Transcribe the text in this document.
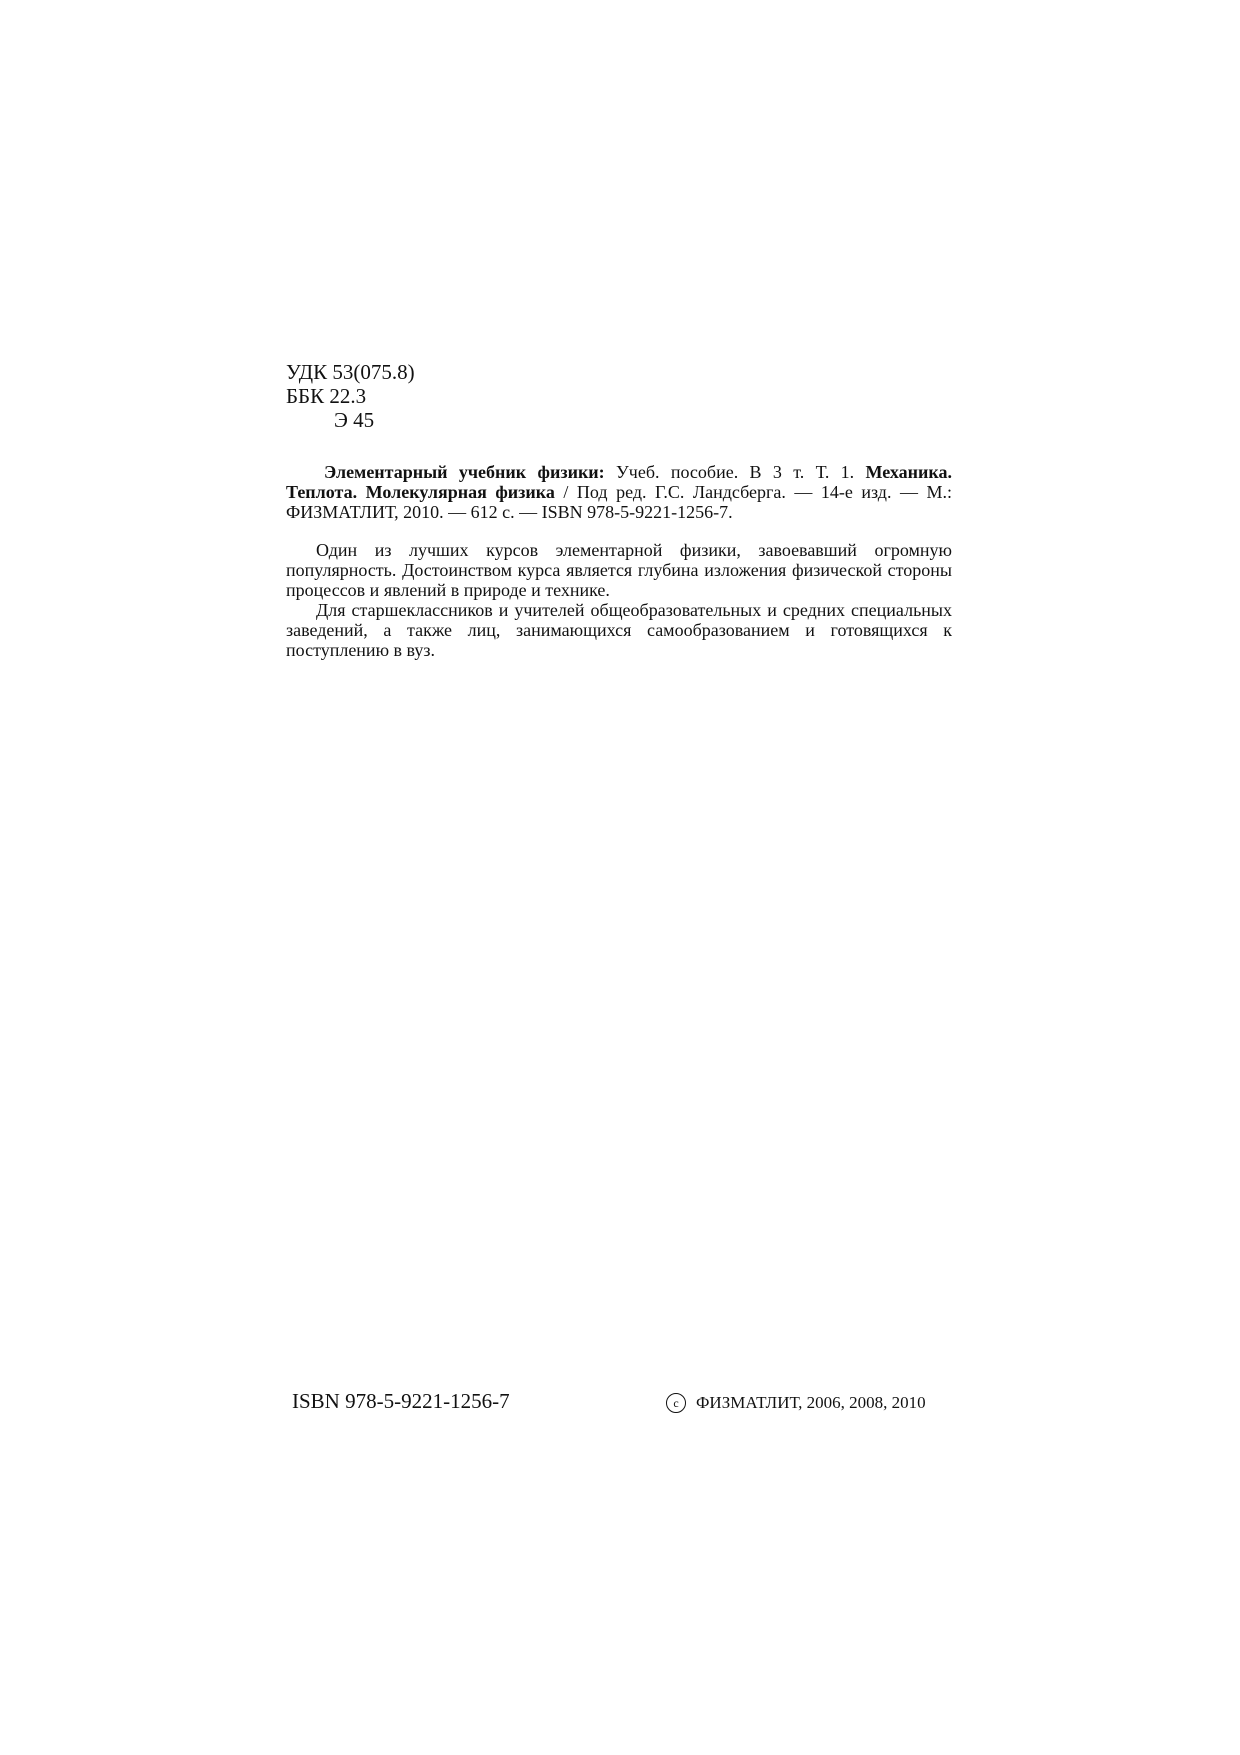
УДК 53(075.8)
ББК 22.3
Э 45
Элементарный учебник физики: Учеб. пособие. В 3 т. Т. 1. Механика. Теплота. Молекулярная физика / Под ред. Г.С. Ландсберга. — 14-е изд. — М.: ФИЗМАТЛИТ, 2010. — 612 с. — ISBN 978-5-9221-1256-7.

Один из лучших курсов элементарной физики, завоевавший огромную популярность. Достоинством курса является глубина изложения физической стороны процессов и явлений в природе и технике.

Для старшеклассников и учителей общеобразовательных и средних специальных заведений, а также лиц, занимающихся самообразованием и готовящихся к поступлению в вуз.

ISBN 978-5-9221-1256-7	c	ФИЗМАТЛИТ, 2006, 2008, 2010
